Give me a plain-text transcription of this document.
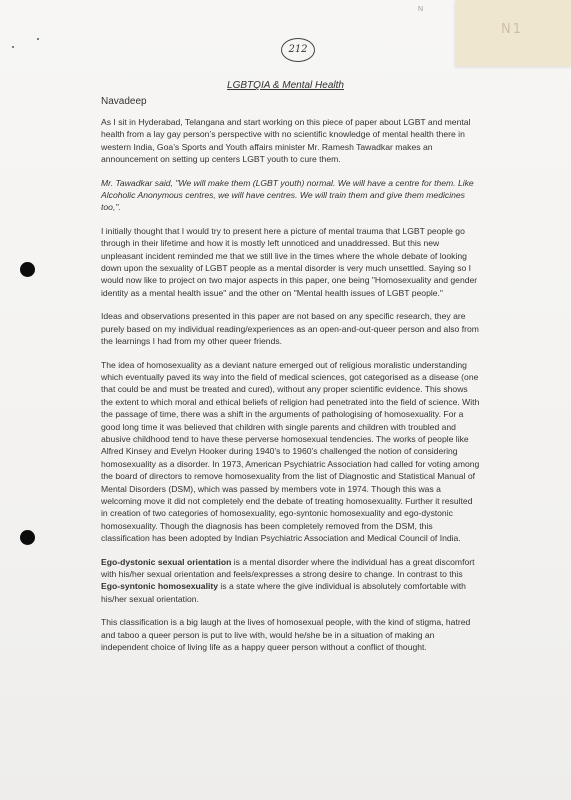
N1
N
212
LGBTQIA & Mental Health
Navadeep

As I sit in Hyderabad, Telangana and start working on this piece of paper about LGBT and mental health from a lay gay person’s perspective with no scientific knowledge of mental health there in western India, Goa’s Sports and Youth affairs minister Mr. Ramesh Tawadkar makes an announcement on setting up centers LGBT youth to cure them.

Mr. Tawadkar said, "We will make them (LGBT youth) normal. We will have a centre for them. Like Alcoholic Anonymous centres, we will have centres. We will train them and give them medicines too,".

I initially thought that I would try to present here a picture of mental trauma that LGBT people go through in their lifetime and how it is mostly left unnoticed and unaddressed. But this new unpleasant incident reminded me that we still live in the times where the whole debate of looking down upon the sexuality of LGBT people as a mental disorder is very much unsettled. Saying so I would now like to project on two major aspects in this paper, one being "Homosexuality and gender identity as a mental health issue" and the other on "Mental health issues of LGBT people."

Ideas and observations presented in this paper are not based on any specific research, they are purely based on my individual reading/experiences as an open-and-out-queer person and also from the learnings I had from my other queer friends.

The idea of homosexuality as a deviant nature emerged out of religious moralistic understanding which eventually paved its way into the field of medical sciences, got categorised as a disease (one that could be and must be treated and cured), without any proper scientific evidence. This shows the extent to which moral and ethical beliefs of religion had penetrated into the field of science. With the passage of time, there was a shift in the arguments of pathologising of homosexuality. For a good long time it was believed that children with single parents and children with troubled and abusive childhood tend to have these perverse homosexual tendencies. The works of people like Alfred Kinsey and Evelyn Hooker during 1940’s to 1960’s challenged the notion of considering homosexuality as a disorder. In 1973, American Psychiatric Association had called for voting among the board of directors to remove homosexuality from the list of Diagnostic and Statistical Manual of Mental Disorders (DSM), which was passed by members vote in 1974. Though this was a welcoming move it did not completely end the debate of treating homosexuality. Further it resulted in creation of two categories of homosexuality, ego-syntonic homosexuality and ego-dystonic homosexuality. Though the diagnosis has been completely removed from the DSM, this classification has been adopted by Indian Psychiatric Association and Medical Council of India.

Ego-dystonic sexual orientation is a mental disorder where the individual has a great discomfort with his/her sexual orientation and feels/expresses a strong desire to change. In contrast to this Ego-syntonic homosexuality is a state where the give individual is absolutely comfortable with his/her sexual orientation.

This classification is a big laugh at the lives of homosexual people, with the kind of stigma, hatred and taboo a queer person is put to live with, would he/she be in a situation of making an independent choice of living life as a happy queer person without a conflict of thought.
